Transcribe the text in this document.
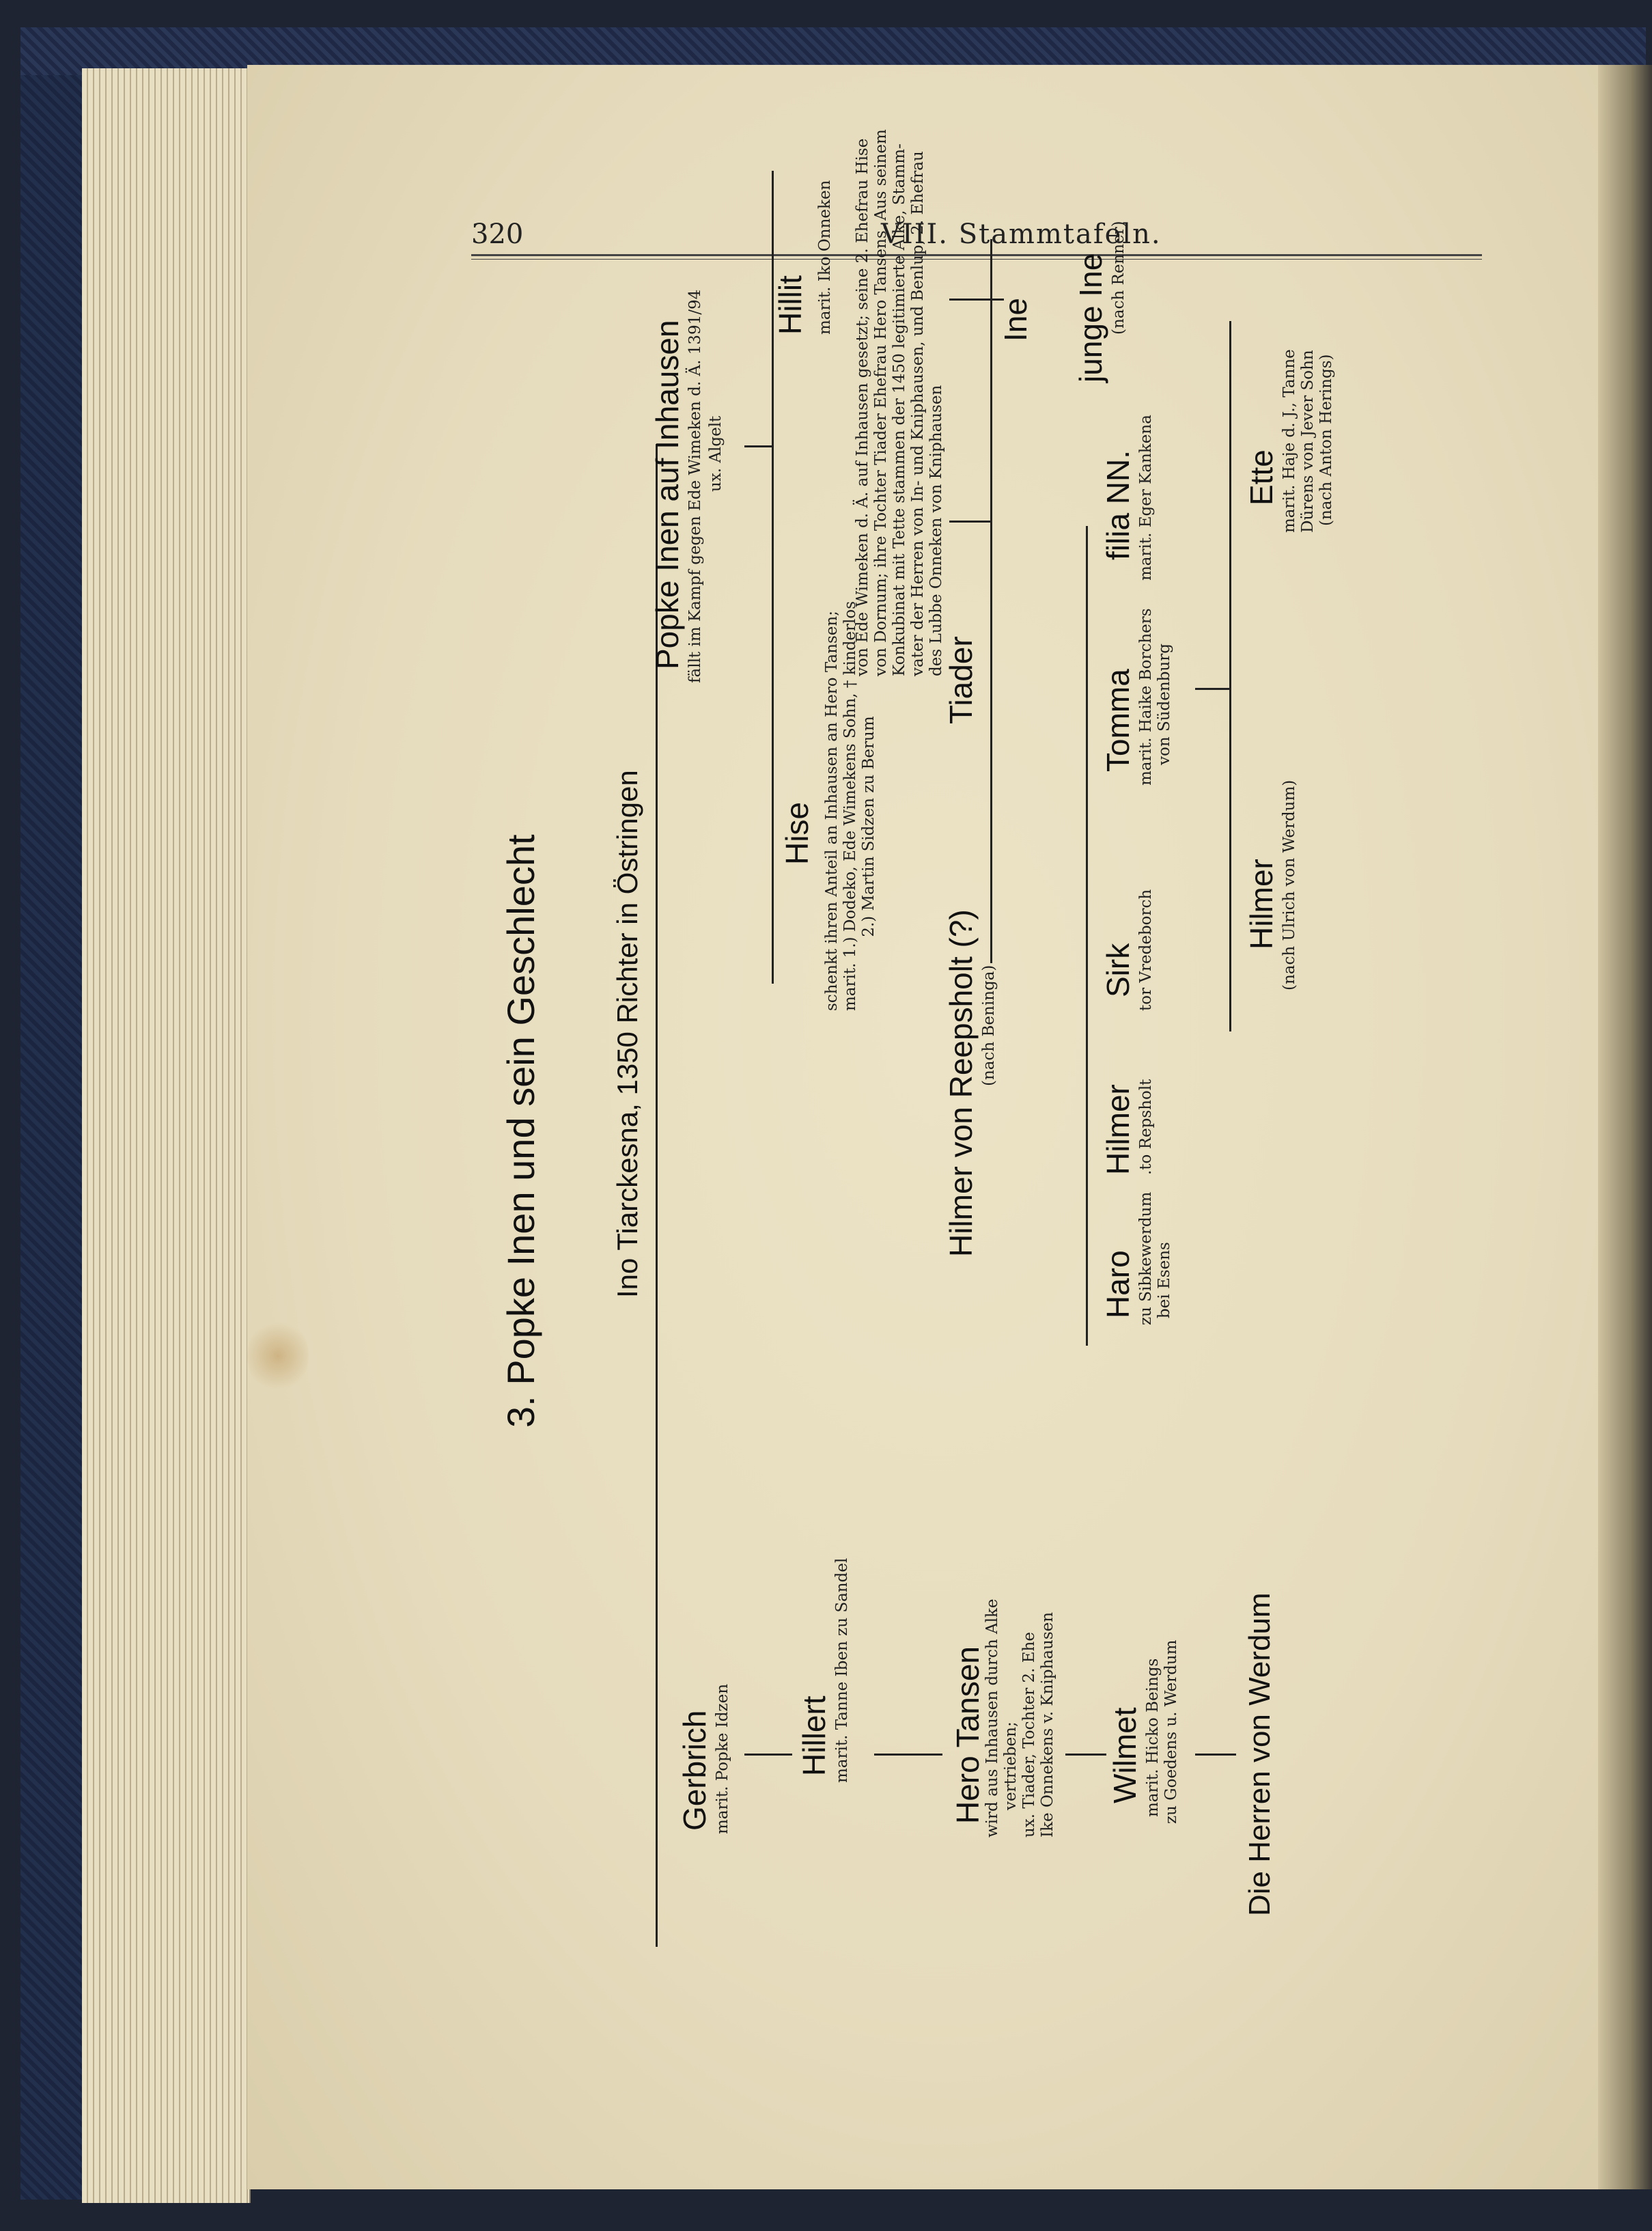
320	VIII. Stammtafeln.
3. Popke Inen und sein Geschlecht Ino Tiarckesna, 1350 Richter in Östringen
Gerbrich marit. Popke Idzen
schenkt ihren Anteil an Inhausen an Hero Tansen;
Hise marit. 1.) Dodeko, Ede Wimekens Sohn, † kinderlos 2.) Martin Sidzen zu Berum
Popke Inen auf Inhausen fällt im Kampf gegen Ede Wimeken d. Ä. 1391/94 ux. Algelt
Hillert marit. Tanne Iben zu Sandel
Hillit marit. Iko Onneken von Ede Wimeken d. Ä. auf Inhausen gesetzt; seine 2. Ehefrau Hise von Dornum; ihre Tochter Tiader Ehefrau Hero Tansens. Aus seinem Konkubinat mit Tette stammen der 1450 legitimierte Alke, Stamm- vater der Herren von In- und Kniphausen, und Benlup, 2. Ehefrau des Lubbe Onneken von Kniphausen
Ine
Hero Tansen
wird aus Inhausen durch Alke vertrieben; ux. Tiader, Tochter 2. Ehe Ike Onnekens v. Kniphausen
Tiader
Hilmer von Reepsholt (?) (nach Beninga)
junge Ine (nach Renner)
Wilmet marit. Hicko Beings zu Goedens u. Werdum
Haro zu Sibkewerdum bei Esens
Hilmer .to Repsholt
Sirk tor Vredeborch
Tomma marit. Haike Borchers von Südenburg
filia NN. marit. Eger Kankena
Die Herren von Werdum
Hilmer (nach Ulrich von Werdum)
Ette marit. Haje d. J., Tanne Dürens von Jever Sohn (nach Anton Herings)
